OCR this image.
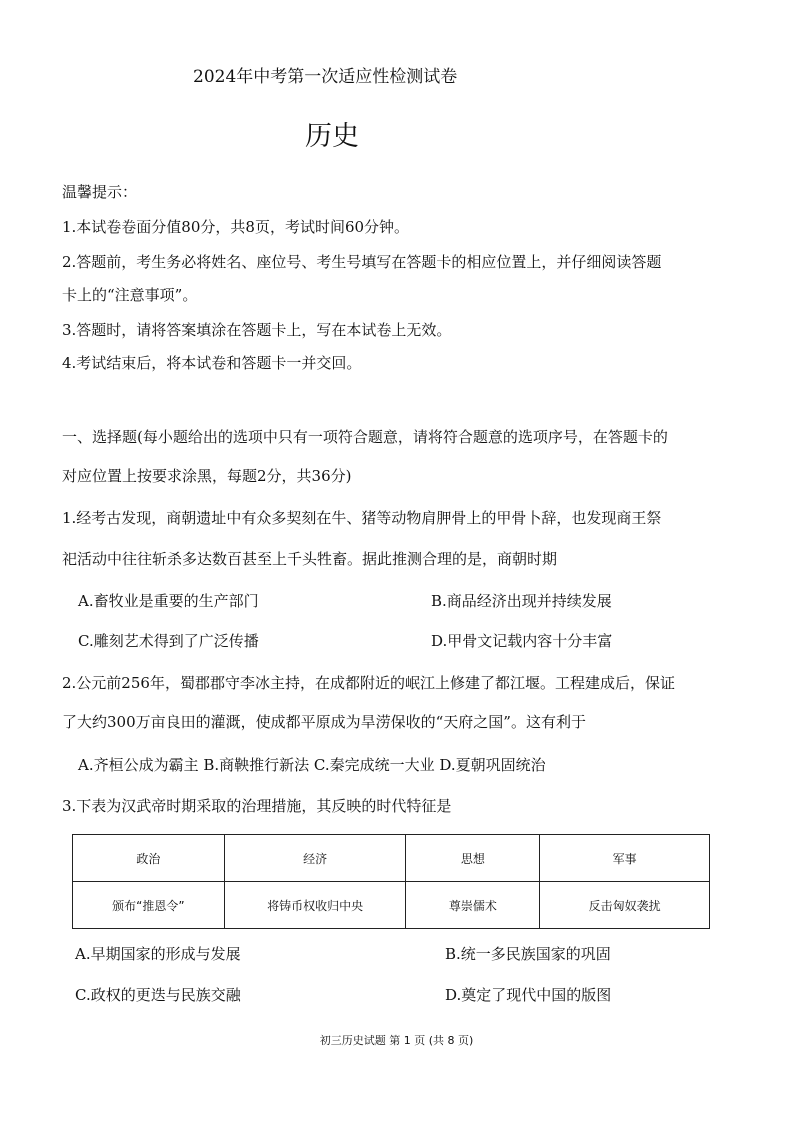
2024年中考第一次适应性检测试卷
历史
温馨提示：
1.本试卷卷面分值80分，共8页，考试时间60分钟。
2.答题前，考生务必将姓名、座位号、考生号填写在答题卡的相应位置上，并仔细阅读答题
卡上的“注意事项”。
3.答题时，请将答案填涂在答题卡上，写在本试卷上无效。
4.考试结束后，将本试卷和答题卡一并交回。
一、选择题(每小题给出的选项中只有一项符合题意，请将符合题意的选项序号，在答题卡的
对应位置上按要求涂黑，每题2分，共36分)
1.经考古发现，商朝遗址中有众多契刻在牛、猪等动物肩胛骨上的甲骨卜辞，也发现商王祭
祀活动中往往斩杀多达数百甚至上千头牲畜。据此推测合理的是，商朝时期
A.畜牧业是重要的生产部门	B.商品经济出现并持续发展
C.雕刻艺术得到了广泛传播	D.甲骨文记载内容十分丰富
2.公元前256年，蜀郡郡守李冰主持，在成都附近的岷江上修建了都江堰。工程建成后，保证
了大约300万亩良田的灌溉，使成都平原成为旱涝保收的“天府之国”。这有利于
A.齐桓公成为霸主 B.商鞅推行新法 C.秦完成统一大业 D.夏朝巩固统治
3.下表为汉武帝时期采取的治理措施，其反映的时代特征是
政治	经济	思想	军事
颁布“推恩令”	将铸币权收归中央	尊崇儒术	反击匈奴袭扰
A.早期国家的形成与发展	B.统一多民族国家的巩固
C.政权的更迭与民族交融	D.奠定了现代中国的版图
初三历史试题 第 1 页 (共 8 页)
